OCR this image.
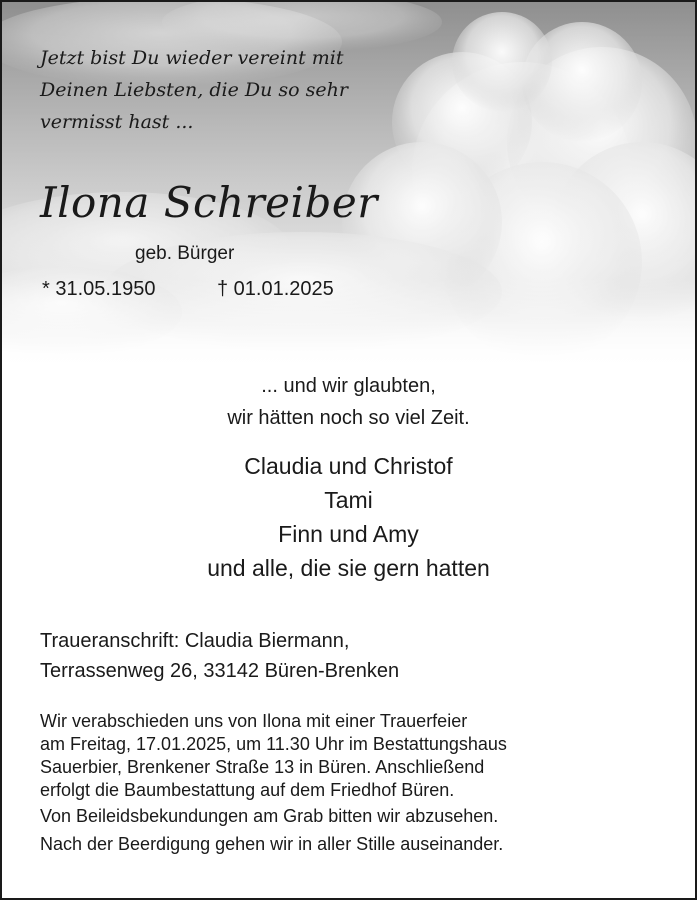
Jetzt bist Du wieder vereint mit
Deinen Liebsten, die Du so sehr
vermisst hast ...
Ilona Schreiber
geb. Bürger
* 31.05.1950	† 01.01.2025
... und wir glaubten,
wir hätten noch so viel Zeit.
Claudia und Christof
Tami
Finn und Amy
und alle, die sie gern hatten
Traueranschrift: Claudia Biermann,
Terrassenweg 26, 33142 Büren-Brenken

Wir verabschieden uns von Ilona mit einer Trauerfeier

am Freitag, 17.01.2025, um 11.30 Uhr im Bestattungshaus

Sauerbier, Brenkener Straße 13 in Büren. Anschließend

erfolgt die Baumbestattung auf dem Friedhof Büren.

Von Beileidsbekundungen am Grab bitten wir abzusehen.

Nach der Beerdigung gehen wir in aller Stille auseinander.
